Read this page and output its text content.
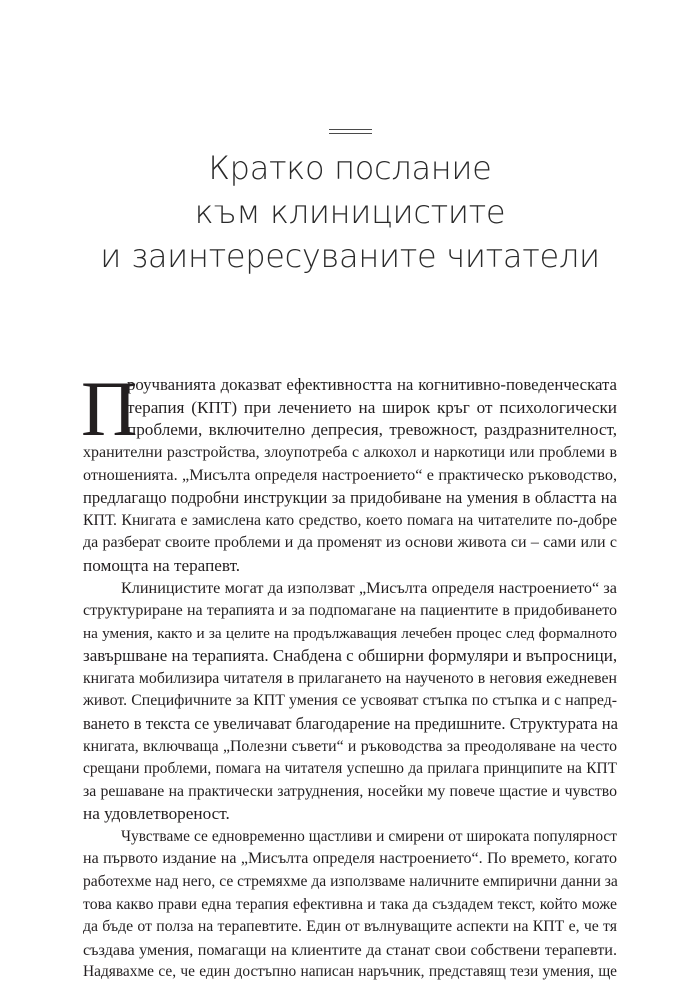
Кратко послание
към клиницистите
и заинтересуваните читатели
П
роучванията доказват ефективността на когнитивно-поведенческата
терапия (КПТ) при лечението на широк кръг от психологически
проблеми, включително депресия, тревожност, раздразнителност,
хранителни разстройства, злоупотреба с алкохол и наркотици или проблеми в
отношенията. „Мисълта определя настроението“ е практическо ръководство,
предлагащо подробни инструкции за придобиване на умения в областта на
КПТ. Книгата е замислена като средство, което помага на читателите по-добре
да разберат своите проблеми и да променят из основи живота си – сами или с
помощта на терапевт.
Клиницистите могат да използват „Мисълта определя настроението“ за
структуриране на терапията и за подпомагане на пациентите в придобиването
на умения, както и за целите на продължаващия лечебен процес след формалното
завършване на терапията. Снабдена с обширни формуляри и въпросници,
книгата мобилизира читателя в прилагането на наученото в неговия ежедневен
живот. Специфичните за КПТ умения се усвояват стъпка по стъпка и с напред-
ването в текста се увеличават благодарение на предишните. Структурата на
книгата, включваща „Полезни съвети“ и ръководства за преодоляване на често
срещани проблеми, помага на читателя успешно да прилага принципите на КПТ
за решаване на практически затруднения, носейки му повече щастие и чувство
на удовлетвореност.
Чувстваме се едновременно щастливи и смирени от широката популярност
на първото издание на „Мисълта определя настроението“. По времето, когато
работехме над него, се стремяхме да използваме наличните емпирични данни за
това какво прави една терапия ефективна и така да създадем текст, който може
да бъде от полза на терапевтите. Един от вълнуващите аспекти на КПТ е, че тя
създава умения, помагащи на клиентите да станат свои собствени терапевти.
Надявахме се, че един достъпно написан наръчник, представящ тези умения, ще
